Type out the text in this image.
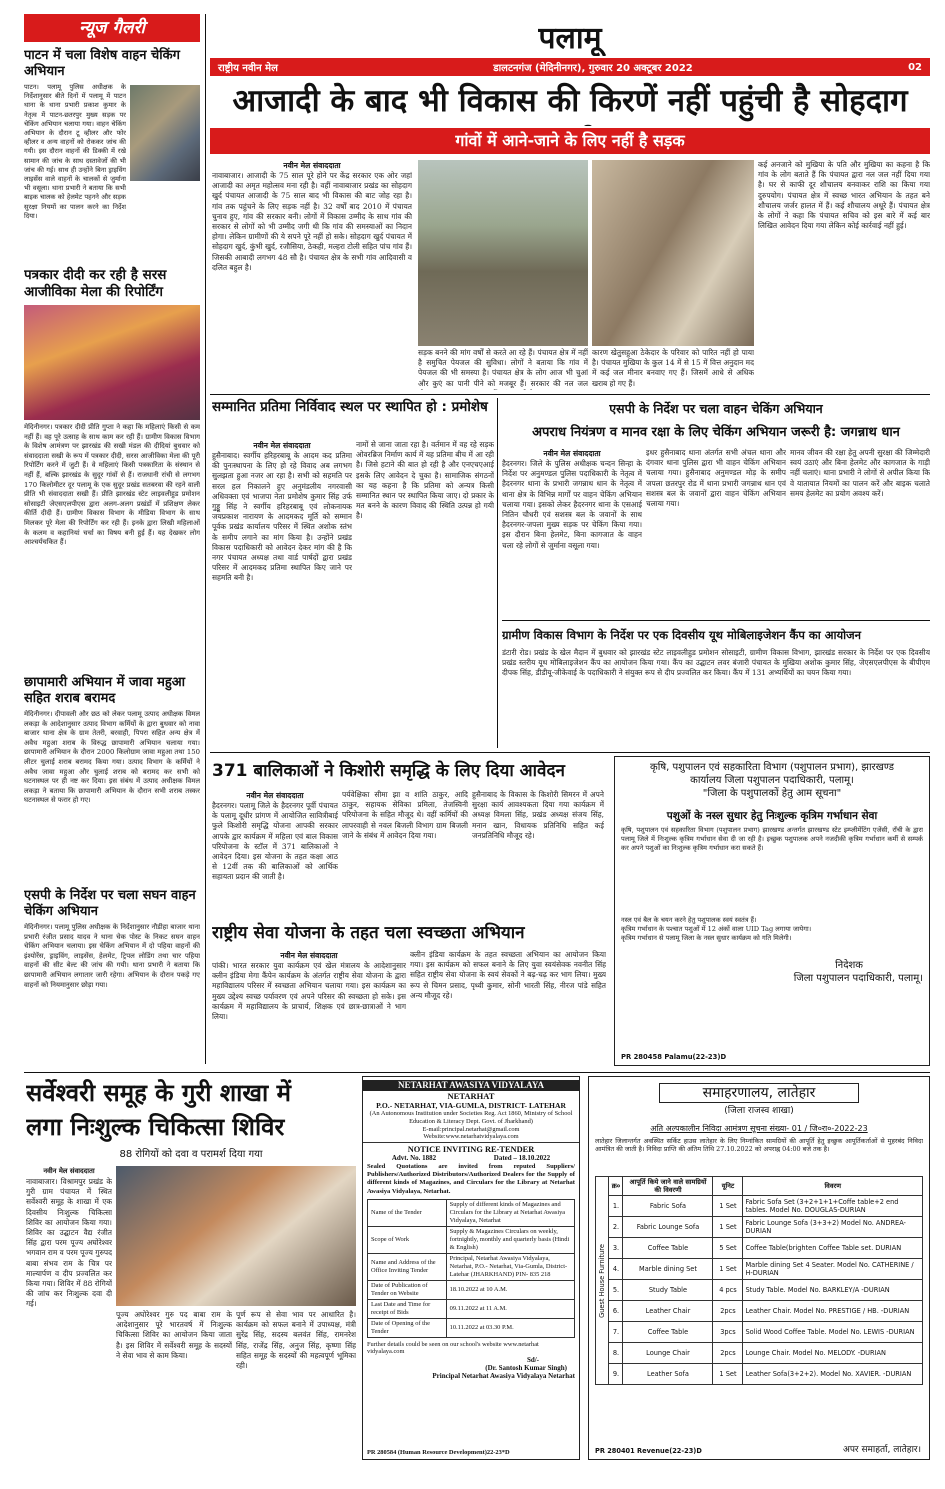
पलामू
राष्ट्रीय नवीन मेल	डालटनगंज (मेदिनीनगर), गुरुवार 20 अक्टूबर 2022	02
न्यूज गैलरी
पाटन में चला विशेष वाहन चेकिंग अभियान
पाटन। पलामू पुलिस अधीक्षक के निर्देशानुसार बीते दिनों में पलामू में पाटन थाना के थाना प्रभारी प्रकाश कुमार के नेतृत्व में पाटन-छतरपुर मुख्य सड़क पर चेकिंग अभियान चलाया गया। वाहन चेकिंग अभियान के दौरान टू व्हीलर और फोर व्हीलर व अन्य वाहनों को रोककर जांच की गयी। इस दौरान वाहनों की डिक्की में रखे सामान की जांच के साथ दस्तावेजों की भी जांच की गई। साथ ही उन्होंने बिना ड्राइविंग लाइसेंस वाले वाहनों के चालकों से जुर्माना भी वसूला। थाना प्रभारी ने बताया कि सभी बाइक चालक को हेलमेट पहनने और सड़क सुरक्षा नियमों का पालन करने का निर्देश दिया।
पत्रकार दीदी कर रही है सरस आजीविका मेला की रिपोर्टिंग
मेदिनीनगर। पत्रकार दीदी प्रीति गुप्ता ने कहा कि महिलाएं किसी से कम नहीं हैं। वह पूरे उत्साह के साथ काम कर रही हैं। ग्रामीण विकास विभाग के विशेष आमंत्रण पर झारखंड की सखी मंडल की दीदियां बुधवार को संवाददाता सखी के रूप में पत्रकार दीदी, सरस आजीविका मेला की पूरी रिपोर्टिंग करने में जुटी हैं। वे महिलाएं किसी पत्रकारिता के संस्थान से नहीं हैं, बल्कि झारखंड के सुदूर गांवों से हैं। राजधानी रांची से लगभग 170 किलोमीटर दूर पलामू के एक सुदूर प्रखंड सतबरवा की रहने वाली प्रीति भी संवाददाता सखी हैं। प्रीति झारखंड स्टेट लाइवलीहुड प्रमोशन सोसाइटी जेएसएलपीएस द्वारा अलग-अलग प्रखंडों में प्रशिक्षण लेकर कीर्ति दीदी हैं। ग्रामीण विकास विभाग के मीडिया विभाग के साथ मिलकर पूरे मेला की रिपोर्टिंग कर रही हैं। इनके द्वारा लिखी महिलाओं के कलम व कहानियां चर्चा का विषय बनी हुई हैं। यह देखकर लोग आश्चर्यचकित हैं।
छापामारी अभियान में जावा महुआ सहित शराब बरामद
मेदिनीनगर। दीपावली और छठ को लेकर पलामू उत्पाद अधीक्षक विमल लकड़ा के आदेशानुसार उत्पाद विभाग कर्मियों के द्वारा बुधवार को नावा बाजार थाना क्षेत्र के ग्राम तेतरी, बरवाही, पिपरा सहित अन्य क्षेत्र में अवैध महुआ शराब के विरुद्ध छापामारी अभियान चलाया गया। छापामारी अभियान के दौरान 2000 किलोग्राम जावा महुआ तथा 150 लीटर चुलाई शराब बरामद किया गया। उत्पाद विभाग के कर्मियों ने अवैध जावा महुआ और चुलाई शराब को बरामद कर सभी को घटनास्थल पर ही नष्ट कर दिया। इस संबंध में उत्पाद अधीक्षक विमल लकड़ा ने बताया कि छापामारी अभियान के दौरान सभी शराब तस्कर घटनास्थल से फरार हो गए।
एसपी के निर्देश पर चला सघन वाहन चेकिंग अभियान
मेदिनीनगर। पलामू पुलिस अधीक्षक के निर्देशानुसार नौडीहा बाजार थाना प्रभारी रंजीत प्रसाद यादव ने थाना चेक पोस्ट के निकट सघन वाहन चेकिंग अभियान चलाया। इस चेकिंग अभियान में दो पहिया वाहनों की इंश्योरेंस, ड्राइविंग, लाइसेंस, हेलमेट, ट्रिपल लोडिंग तथा चार पहिया वाहनों की सीट बेल्ट की जांच की गयी। थाना प्रभारी ने बताया कि छापामारी अभियान लगातार जारी रहेगा। अभियान के दौरान पकड़े गए वाहनों को नियमानुसार छोड़ा गया।
आजादी के बाद भी विकास की किरणें नहीं पहुंची है सोहदाग
गांवों में आने-जाने के लिए नहीं है सड़क
नवीन मेल संवाददाता
नावाबाजार। आजादी के 75 साल पूरे होने पर केंद्र सरकार एक ओर जहां आजादी का अमृत महोत्सव मना रही है। वहीं नावाबाजार प्रखंड का सोहदाग खुर्द पंचायत आजादी के 75 साल बाद भी विकास की बाट जोह रहा है। गांव तक पहुंचने के लिए सड़क नहीं है। 32 वर्षों बाद 2010 में पंचायत चुनाव हुए, गांव की सरकार बनी। लोगों में विकास उम्मीद के साथ गांव की सरकार से लोगों को भी उम्मीद जगी थी कि गांव की समस्याओं का निदान होगा। लेकिन ग्रामीणों की ये सपने पूरे नहीं हो सके। सोहदाग खुर्द पंचायत में सोहदाग खुर्द, कुंभी खुर्द, रजौसिया, ठेकही, मल्हरा टोली सहित पांच गांव हैं। जिसकी आबादी लगभग 48 सौ है। पंचायत क्षेत्र के सभी गांव आदिवासी व दलित बहुल है।
सड़क बनने की मांग वर्षों से करते आ रहे हैं। पंचायत क्षेत्र में नहीं है समुचित पेयजल की सुविधा। लोगों ने बताया कि गांव में पेयजल की भी समस्या है। पंचायत क्षेत्र के लोग आज भी चुआं और कुएं का पानी पीने को मजबूर हैं। सरकार की नल जल
कारण खेतुसहुआ ठेकेदार के परिवार को पारित नहीं हो पाया है। पंचायत मुखिया के कुल 14 में से 15 में वित्त अनुदान मद में कई जल मीनार बनवाए गए हैं। जिसमें आधे से अधिक खराब हो गए हैं।
कई अनजाने को मुखिया के पति और मुखिया का कहना है कि गांव के लोग बताते हैं कि पंचायत द्वारा नल जल नहीं दिया गया है। घर से काफी दूर शौचालय बनवाकर राशि का किया गया दुरुपयोग। पंचायत क्षेत्र में स्वच्छ भारत अभियान के तहत बने शौचालय जर्जर हालत में हैं। कई शौचालय अधूरे हैं। पंचायत क्षेत्र के लोगों ने कहा कि पंचायत सचिव को इस बारे में कई बार लिखित आवेदन दिया गया लेकिन कोई कार्रवाई नहीं हुई।
सम्मानित प्रतिमा निर्विवाद स्थल पर स्थापित हो : प्रमोशेष
नवीन मेल संवाददाता
हुसैनाबाद। स्वर्गीय हरिहरबाबू के आदम कद प्रतिमा की पुनःस्थापना के लिए हो रहे विवाद अब लगभग सुलझता हुआ नजर आ रहा है। सभी को सहमति पर सरल हल निकालने हुए अनुमंडलीय नगरवासी अधिवक्ता एवं भाजपा नेता प्रमोशेष कुमार सिंह उर्फ गुड्डू सिंह ने स्वर्गीय हरिहरबाबू एवं लोकनायक जयप्रकाश नारायण के आदमकद मूर्ति को सम्मान पूर्वक प्रखंड कार्यालय परिसर में स्थित अशोक स्तंभ के समीप लगाने का मांग किया है। उन्होंने प्रखंड विकास पदाधिकारी को आवेदन देकर मांग की है कि नगर पंचायत अध्यक्ष तथा वार्ड पार्षदों द्वारा प्रखंड परिसर में आदमकद प्रतिमा स्थापित किए जाने पर सहमति बनी है।
नामों से जाना जाता रहा है। वर्तमान में वह रहे सड़क ओवरब्रिज निर्माण कार्य में यह प्रतिमा बीच में आ रही है। जिसे हटाने की बात हो रही है और एनएचएआई इसके लिए आवेदन दे चुका है। सामाजिक संगठनों का यह कहना है कि प्रतिमा को अन्यत्र किसी सम्मानित स्थान पर स्थापित किया जाए। दो प्रकार के मत बनने के कारण विवाद की स्थिति उत्पन्न हो गयी है।
एसपी के निर्देश पर चला वाहन चेकिंग अभियान
अपराध नियंत्रण व मानव रक्षा के लिए चेकिंग अभियान जरूरी है: जगन्नाथ धान
नवीन मेल संवाददाता
हैदरनगर। जिले के पुलिस अधीक्षक चन्दन सिन्हा के निर्देश पर अनुमण्डल पुलिस पदाधिकारी के नेतृत्व में हैदरनगर थाना के प्रभारी जगन्नाथ धान के नेतृत्व में थाना क्षेत्र के विभिन्न मार्गों पर वाहन चेकिंग अभियान चलाया गया। इसको लेकर हैदरनगर थाना के एसआई नितिन चौधरी एवं सशस्त्र बल के जवानों के साथ हैदरनगर-जपला मुख्य सड़क पर चेकिंग किया गया। इस दौरान बिना हेलमेट, बिना कागजात के वाहन चला रहे लोगों से जुर्माना वसूला गया।
इधर हुसैनाबाद थाना अंतर्गत सभी अंचल थाना और दंगवार थाना पुलिस द्वारा भी वाहन चेकिंग अभियान चलाया गया। हुसैनाबाद अनुमण्डल मोड़ के समीप जपला छतरपुर रोड में थाना प्रभारी जगन्नाथ धान एवं सशस्त्र बल के जवानों द्वारा वाहन चेकिंग अभियान चलाया गया।
मानव जीवन की रक्षा हेतु अपनी सुरक्षा की जिम्मेदारी स्वयं उठाएं और बिना हेलमेट और कागजात के गाड़ी नहीं चलाएं। थाना प्रभारी ने लोगों से अपील किया कि वे यातायात नियमों का पालन करें और बाइक चलाते समय हेलमेट का प्रयोग अवश्य करें।
ग्रामीण विकास विभाग के निर्देश पर एक दिवसीय यूथ मोबिलाइजेशन कैंप का आयोजन
डंटारी रोड। प्रखंड के खेल मैदान में बुधवार को झारखंड स्टेट लाइवलीहुड प्रमोशन सोसाइटी, ग्रामीण विकास विभाग, झारखंड सरकार के निर्देश पर एक दिवसीय प्रखंड स्तरीय यूथ मोबिलाइजेशन कैंप का आयोजन किया गया। कैंप का उद्घाटन लवर बंजारी पंचायत के मुखिया अशोक कुमार सिंह, जेएसएलपीएस के बीपीएम दीपक सिंह, डीडीयू-जीकेवाई के पदाधिकारी ने संयुक्त रूप से दीप प्रज्वलित कर किया। कैंप में 131 अभ्यर्थियों का चयन किया गया।
371 बालिकाओं ने किशोरी समृद्धि के लिए दिया आवेदन
नवीन मेल संवाददाता
हैदरनगर। पलामू जिले के हैदरनगर पूर्वी पंचायत के पलामू दूधीर प्रांगण में आयोजित सावित्रीबाई फुले किशोरी समृद्धि योजना आपकी सरकार आपके द्वार कार्यक्रम में महिला एवं बाल विकास परियोजना के स्टॉल में 371 बालिकाओं ने आवेदन दिया। इस योजना के तहत कक्षा आठ से 12वीं तक की बालिकाओं को आर्थिक सहायता प्रदान की जाती है।
पर्यवेक्षिका सीमा झा व शांति ठाकुर, आदि ठाकुर, सहायक सेविका प्रमिला, तेजस्विनी परियोजना के सहित मौजूद थे। वहीं कर्मियों की लापरवाही से नवल बिजली विभाग ग्राम बिजली जाने के संबंध में आवेदन दिया गया।
हुसैनाबाद के विकास के किशोरी सिमरन में अपने सुरक्षा कार्य आवश्यकता दिया गया कार्यक्रम में अध्यक्ष विमला सिंह, प्रखंड अध्यक्ष संजय सिंह, मनान खान, विधायक प्रतिनिधि सहित कई जनप्रतिनिधि मौजूद रहे।
राष्ट्रीय सेवा योजना के तहत चला स्वच्छता अभियान
नवीन मेल संवाददाता
पांकी। भारत सरकार युवा कार्यक्रम एवं खेल मंत्रालय के आदेशानुसार क्लीन इंडिया मेगा कैंपेन कार्यक्रम के अंतर्गत राष्ट्रीय सेवा योजना के द्वारा महाविद्यालय परिसर में स्वच्छता अभियान चलाया गया। इस कार्यक्रम का मुख्य उद्देश्य स्वच्छ पर्यावरण एवं अपने परिसर की स्वच्छता हो सके। इस कार्यक्रम में महाविद्यालय के प्राचार्य, शिक्षक एवं छात्र-छात्राओं ने भाग लिया।
क्लीन इंडिया कार्यक्रम के तहत स्वच्छता अभियान का आयोजन किया गया। इस कार्यक्रम को सफल बनाने के लिए युवा स्वयंसेवक नवनीत सिंह सहित राष्ट्रीय सेवा योजना के स्वयं सेवकों ने बढ़-चढ़ कर भाग लिया। मुख्य रूप से चिमन प्रसाद, पृथ्वी कुमार, सोनी भारती सिंह, नीरज पांडे सहित अन्य मौजूद रहे।
कृषि, पशुपालन एवं सहकारिता विभाग (पशुपालन प्रभाग), झारखण्ड
कार्यालय जिला पशुपालन पदाधिकारी, पलामू।
"जिला के पशुपालकों हेतु आम सूचना"
पशुओं के नस्ल सुधार हेतु निःशुल्क कृत्रिम गर्भाधान सेवा
कृषि, पशुपालन एवं सहकारिता विभाग (पशुपालन प्रभाग) झारखण्ड अन्तर्गत झारखण्ड स्टेट इम्प्लीमेंटिंग एजेंसी, राँची के द्वारा पलामू जिले में निःशुल्क कृत्रिम गर्भाधान सेवा दी जा रही है। इच्छुक पशुपालक अपने नजदीकी कृत्रिम गर्भाधान कर्मी से सम्पर्क कर अपने पशुओं का निःशुल्क कृत्रिम गर्भाधान करा सकते हैं।
नस्ल एवं बैल के चयन करने हेतु पशुपालक स्वयं स्वतंत्र हैं।
कृत्रिम गर्भाधान के पश्चात पशुओं में 12 अंकों वाला UID Tag लगाया जायेगा।
कृत्रिम गर्भाधान से पलामू जिला के नस्ल सुधार कार्यक्रम को गति मिलेगी।
निदेशक
जिला पशुपालन पदाधिकारी, पलामू।
PR 280458 Palamu(22-23)D
सर्वेश्वरी समूह के गुरी शाखा में
लगा निःशुल्क चिकित्सा शिविर
88 रोगियों को दवा व परामर्श दिया गया
नवीन मेल संवाददाता
नावाबाजार। विश्रामपुर प्रखंड के गुरी ग्राम पंचायत में स्थित सर्वेश्वरी समूह के शाखा में एक दिवसीय निःशुल्क चिकित्सा शिविर का आयोजन किया गया। शिविर का उद्घाटन वैद्य रंजीत सिंह द्वारा परम पूज्य अघोरेश्वर भगवान राम व परम पूज्य गुरुपद बाबा संभव राम के चित्र पर माल्यार्पण व दीप प्रज्वलित कर किया गया। शिविर में 88 रोगियों की जांच कर निःशुल्क दवा दी गई।
पूज्य अघोरेश्वर गुरु पद बाबा राम के आदेशानुसार पूरे भारतवर्ष में निःशुल्क चिकित्सा शिविर का आयोजन किया जाता है। इस शिविर में सर्वेश्वरी समूह के सदस्यों ने सेवा भाव से काम किया।
पूर्ण रूप से सेवा भाव पर आधारित है। कार्यक्रम को सफल बनाने में उपाध्यक्ष, मंत्री सुरेंद्र सिंह, सदस्य बलवंत सिंह, रामनरेश सिंह, राजेंद्र सिंह, अनुज सिंह, कृष्णा सिंह सहित समूह के सदस्यों की महत्वपूर्ण भूमिका रही।
NETARHAT AWASIYA VIDYALAYA
NETARHAT
P.O.- NETARHAT, VIA-GUMLA, DISTRICT- LATEHAR
(An Autonomous Institution under Societies Reg. Act 1860, Ministry of School Education & Literacy Dept. Govt. of Jharkhand)
E-mail:principal.netarhat@gmail.com
Website:www.netarhatvidyalaya.com
NOTICE INVITING RE-TENDER
Advt. No. 1882	Dated – 18.10.2022
Sealed Quotations are invited from reputed Suppliers/ Publishers/Authorized Distributors/Authorized Dealers for the Supply of different kinds of Magazines, and Circulars for the Library at Netarhat Awasiya Vidyalaya, Netarhat.
Name of the Tender	Supply of different kinds of Magazines and Circulars for the Library at Netarhat Awasiya Vidyalaya, Netarhat
Scope of Work	Supply & Magazines Circulars on weekly, fortnightly, monthly and quarterly basis (Hindi & English)
Name and Address of the Office Inviting Tender	Principal, Netarhat Awasiya Vidyalaya, Netarhat, P.O.- Netarhat, Via-Gumla, District- Latehar (JHARKHAND) PIN- 835 218
Date of Publication of Tender on Website	18.10.2022 at 10 A.M.
Last Date and Time for receipt of Bids	09.11.2022 at 11 A.M.
Date of Opening of the Tender	10.11.2022 at 03.30 P.M.
Further details could be seen on our school's website www.netarhat vidyalaya.com
Sd/-
(Dr. Santosh Kumar Singh)
Principal Netarhat Awasiya Vidyalaya Netarhat
PR 280584 (Human Resource Development)22-23*D
समाहरणालय, लातेहार
(जिला राजस्व शाखा)
अति अल्पकालीन निविदा आमंत्रण सूचना संख्या- 01 / जि०रा०-2022-23
लातेहार जिलान्तर्गत अवस्थित सर्किट हाउस लातेहार के लिए निम्नांकित सामग्रियों की आपूर्ति हेतु इच्छुक आपूर्तिकर्ताओं से मुहरबंद निविदा आमंत्रित की जाती है। निविदा प्राप्ति की अंतिम तिथि 27.10.2022 को अपराह्न 04:00 बजे तक है।
Guest House Furniture
क्र०	आपूर्ति किये जाने वाले सामग्रियों की विवरणी	यूनिट	विवरण
1.	Fabric Sofa	1 Set	Fabric Sofa Set (3+2+1+1+Coffe table+2 end tables. Model No. DOUGLAS-DURIAN
2.	Fabric Lounge Sofa	1 Set	Fabric Lounge Sofa (3+3+2) Model No. ANDREA-DURIAN
3.	Coffee Table	5 Set	Coffee Table(brighten Coffee Table set. DURIAN
4.	Marble dining Set	1 Set	Marble dining Set 4 Seater. Model No. CATHERINE / H-DURIAN
5.	Study Table	4 pcs	Study Table. Model No. BARKLEY/A -DURIAN
6.	Leather Chair	2pcs	Leather Chair. Model No. PRESTIGE / HB. -DURIAN
7.	Coffee Table	3pcs	Solid Wood Coffee Table. Model No. LEWIS -DURIAN
8.	Lounge Chair	2pcs	Lounge Chair. Model No. MELODY. -DURIAN
9.	Leather Sofa	1 Set	Leather Sofa(3+2+2). Model No. XAVIER. -DURIAN
PR 280401 Revenue(22-23)D	अपर समाहर्ता, लातेहार।
